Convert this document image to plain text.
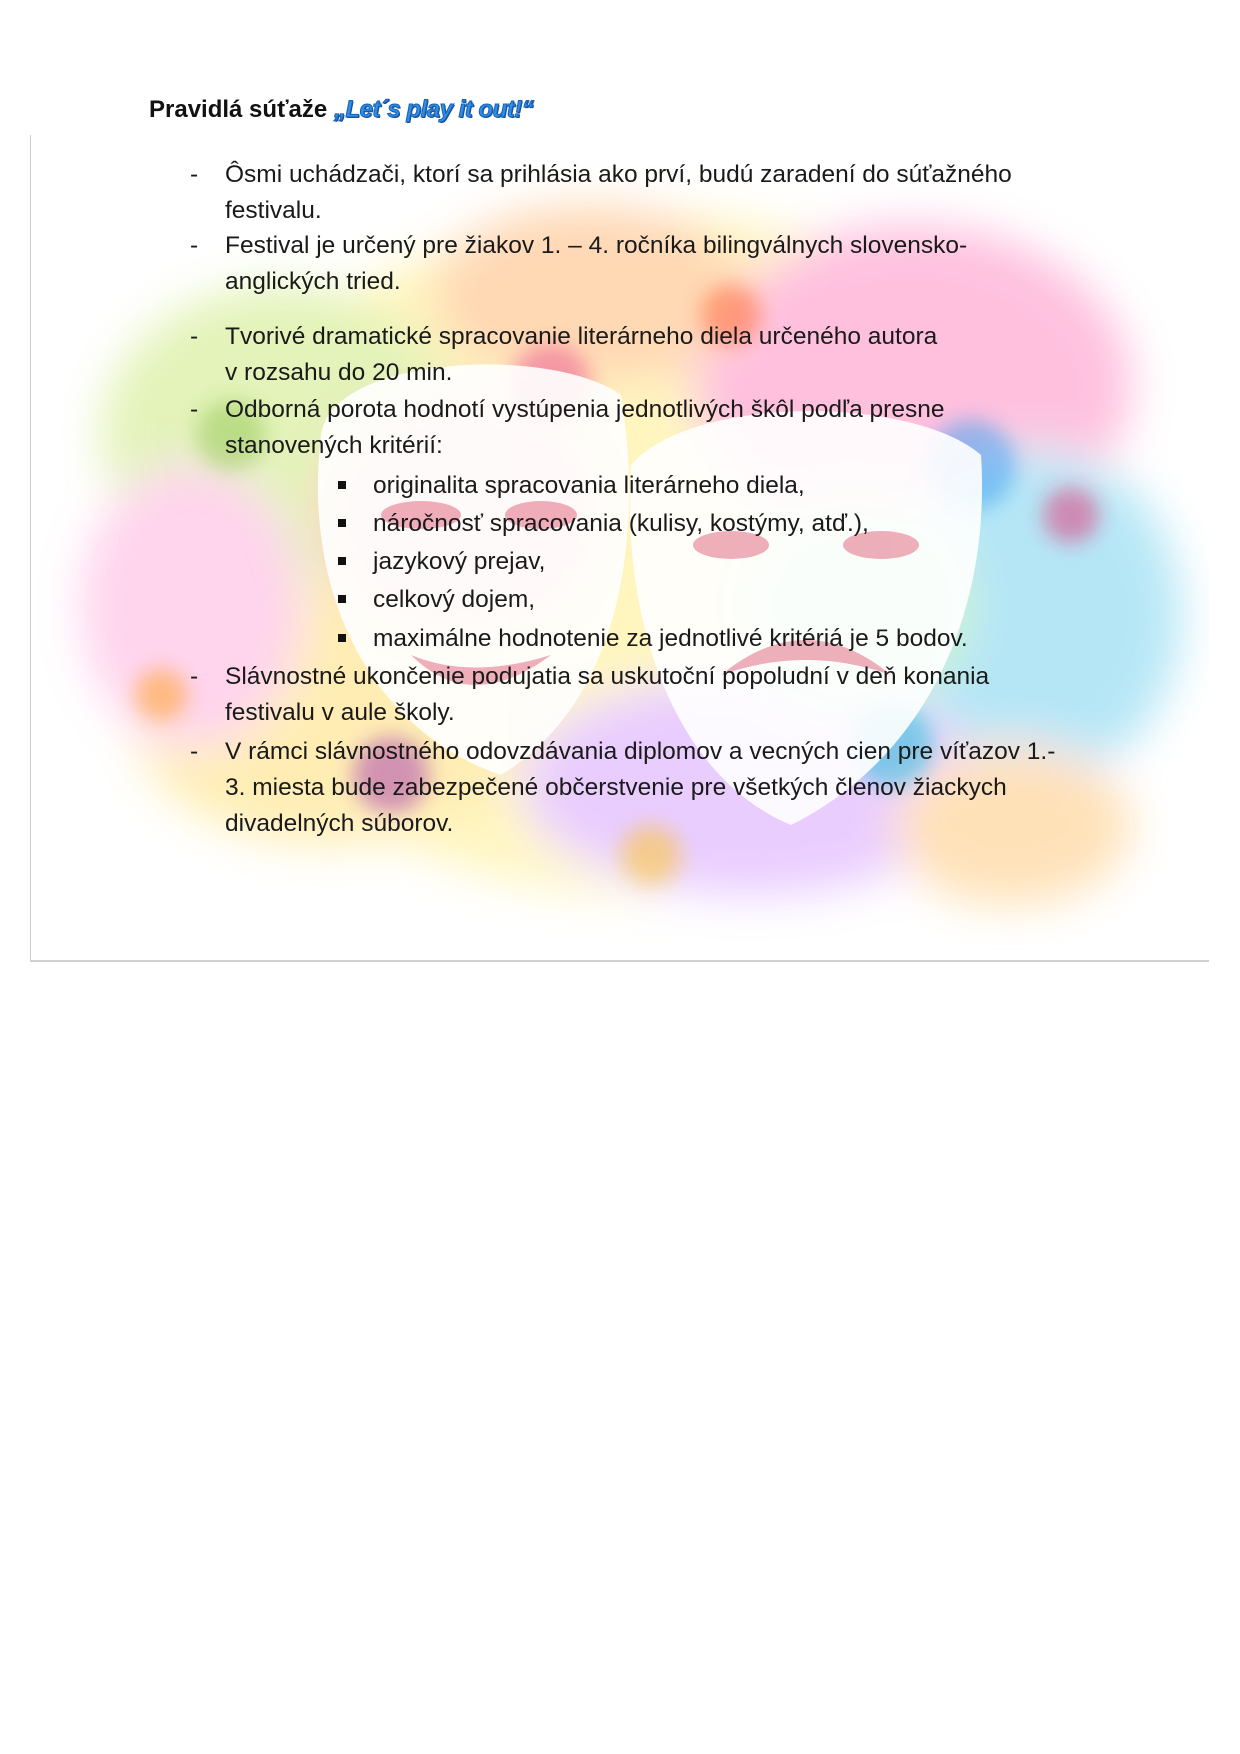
Pravidlá súťaže „Let´s play it out!“
- Ôsmi uchádzači, ktorí sa prihlásia ako prví, budú zaradení do súťažného
festivalu.
- Festival je určený pre žiakov 1. – 4. ročníka bilingválnych slovensko-
anglických tried.
- Tvorivé dramatické spracovanie literárneho diela určeného autora
v rozsahu do 20 min.
- Odborná porota hodnotí vystúpenia jednotlivých škôl podľa presne
stanovených kritérií:
originalita spracovania literárneho diela,
náročnosť spracovania (kulisy, kostýmy, atď.),
jazykový prejav,
celkový dojem,
maximálne hodnotenie za jednotlivé kritériá je 5 bodov.
- Slávnostné ukončenie podujatia sa uskutoční popoludní v deň konania
festivalu v aule školy.
- V rámci slávnostného odovzdávania diplomov a vecných cien pre víťazov 1.-
3. miesta bude zabezpečené občerstvenie pre všetkých členov žiackych
divadelných súborov.
